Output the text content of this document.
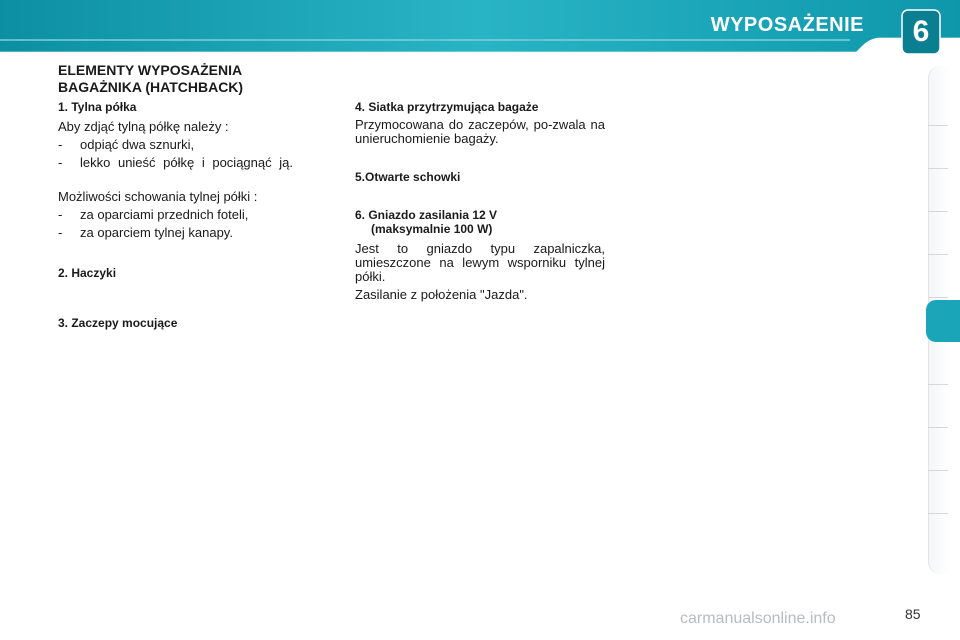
WYPOSAŻENIE 6
ELEMENTY WYPOSAŻENIA
BAGAŻNIKA (HATCHBACK)

1. Tylna półka

Aby zdjąć tylną półkę należy :

- odpiąć dwa sznurki,

- lekko unieść półkę i pociągnąć ją.

Możliwości schowania tylnej półki :

- za oparciami przednich foteli,

- za oparciem tylnej kanapy.

2. Haczyki

3. Zaczepy mocujące

4. Siatka przytrzymująca bagaże

Przymocowana do zaczepów, po-zwala na unieruchomienie bagaży.

5.Otwarte schowki

6. Gniazdo zasilania 12 V

(maksymalnie 100 W)

Jest to gniazdo typu zapalniczka, umieszczone na lewym wsporniku tylnej półki.

Zasilanie z położenia "Jazda".

carmanualsonline.info	85
